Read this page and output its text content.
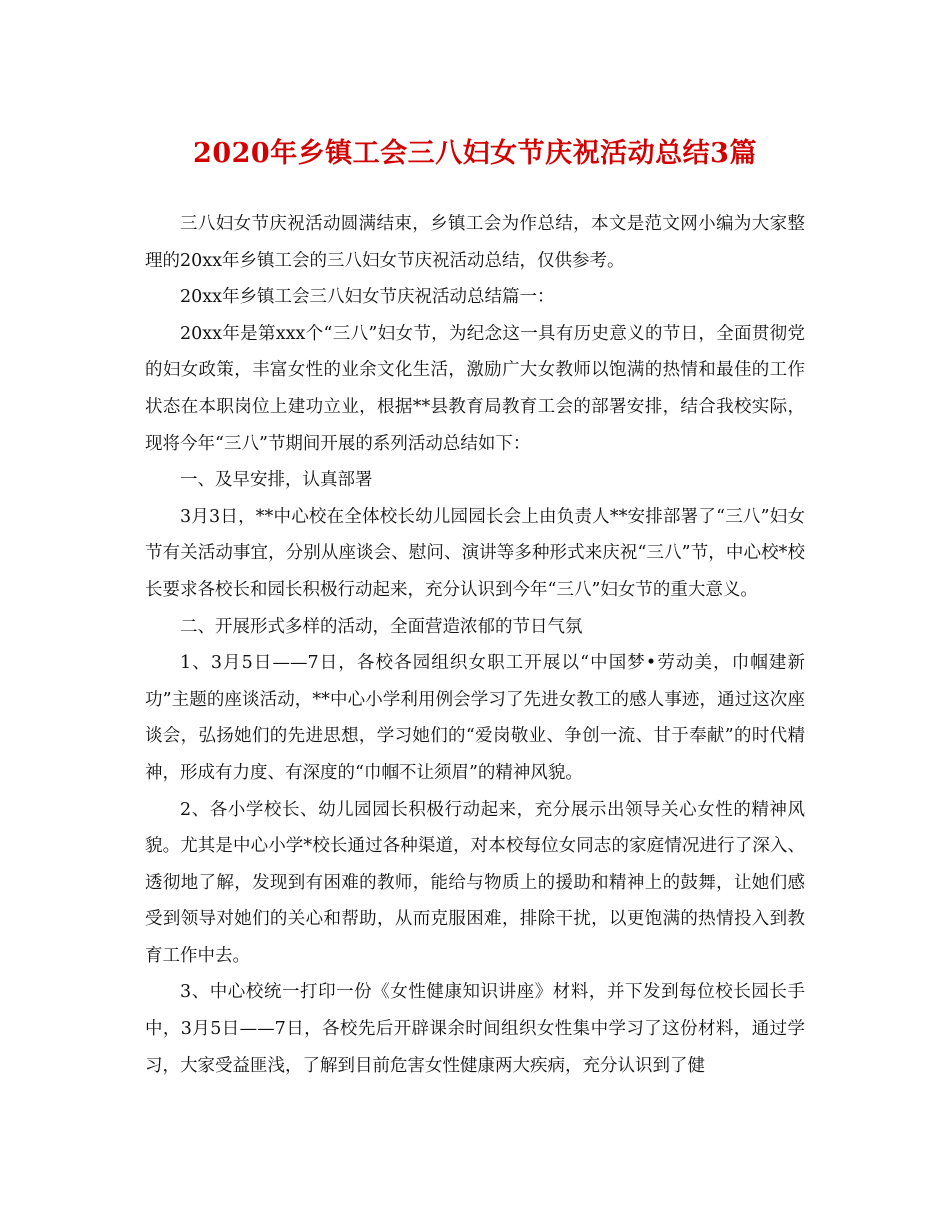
2020年乡镇工会三八妇女节庆祝活动总结3篇

三八妇女节庆祝活动圆满结束，乡镇工会为作总结，本文是范文网小编为大家整理的20xx年乡镇工会的三八妇女节庆祝活动总结，仅供参考。

20xx年乡镇工会三八妇女节庆祝活动总结篇一：

20xx年是第xxx个“三八”妇女节，为纪念这一具有历史意义的节日，全面贯彻党的妇女政策，丰富女性的业余文化生活，激励广大女教师以饱满的热情和最佳的工作状态在本职岗位上建功立业，根据**县教育局教育工会的部署安排，结合我校实际，现将今年“三八”节期间开展的系列活动总结如下：

一、及早安排，认真部署

3月3日，**中心校在全体校长幼儿园园长会上由负责人**安排部署了“三八”妇女节有关活动事宜，分别从座谈会、慰问、演讲等多种形式来庆祝“三八”节，中心校*校长要求各校长和园长积极行动起来，充分认识到今年“三八”妇女节的重大意义。

二、开展形式多样的活动，全面营造浓郁的节日气氛

1、3月5日——7日，各校各园组织女职工开展以“中国梦•劳动美，巾帼建新功”主题的座谈活动，**中心小学利用例会学习了先进女教工的感人事迹，通过这次座谈会，弘扬她们的先进思想，学习她们的“爱岗敬业、争创一流、甘于奉献”的时代精神，形成有力度、有深度的“巾帼不让须眉”的精神风貌。

2、各小学校长、幼儿园园长积极行动起来，充分展示出领导关心女性的精神风貌。尤其是中心小学*校长通过各种渠道，对本校每位女同志的家庭情况进行了深入、透彻地了解，发现到有困难的教师，能给与物质上的援助和精神上的鼓舞，让她们感受到领导对她们的关心和帮助，从而克服困难，排除干扰，以更饱满的热情投入到教育工作中去。

3、中心校统一打印一份《女性健康知识讲座》材料，并下发到每位校长园长手中，3月5日——7日，各校先后开辟课余时间组织女性集中学习了这份材料，通过学习，大家受益匪浅，了解到目前危害女性健康两大疾病，充分认识到了健
